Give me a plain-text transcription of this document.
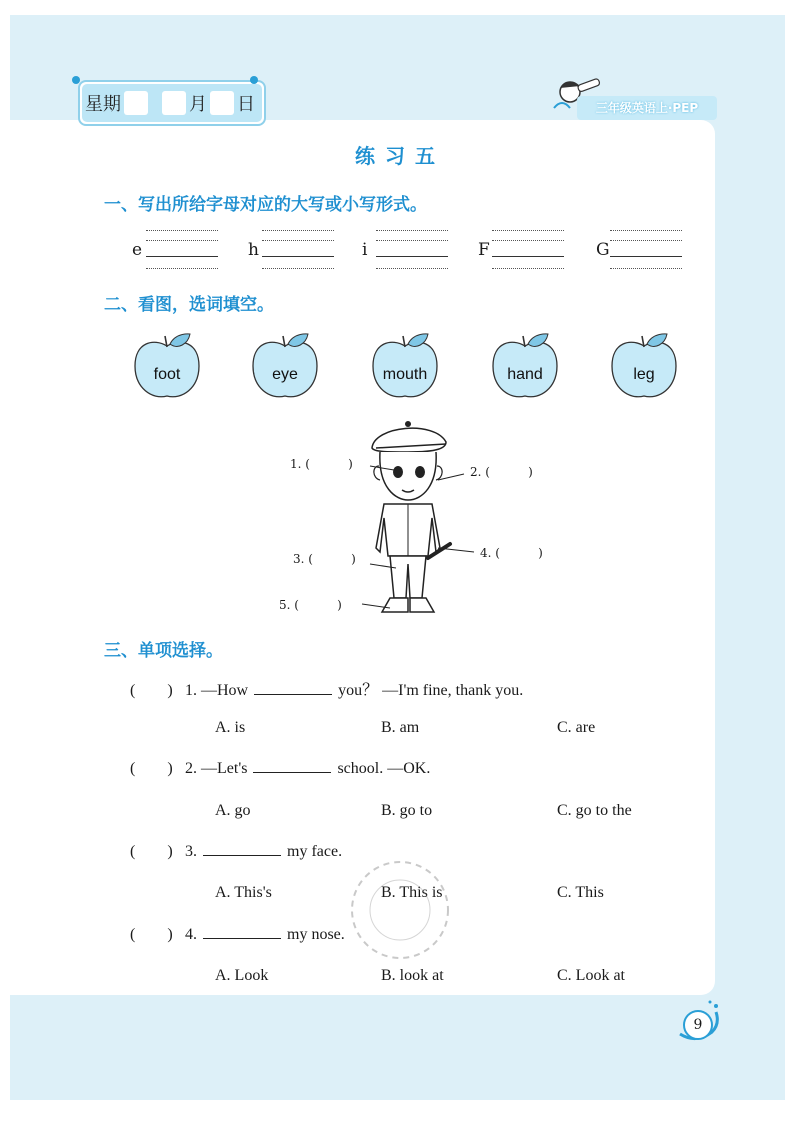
星期	月 日	三年级英语上·PEP
练习五
一、写出所给字母对应的大写或小写形式。
e	h	i	F	G
二、看图，选词填空。
foot	eye	mouth	hand	leg
1. (          )
2. (          )
3. (          )	4. (          )
5. (          )
三、单项选择。
(        ) 1. —How	you？ —I'm fine, thank you.
A. is	B. am	C. are
(        ) 2. —Let's	school. —OK.
A. go	B. go to	C. go to the
(        ) 3.	my face.
A. This's	B. This is	C. This
(        ) 4.	my nose.
A. Look	B. look at	C. Look at
9
